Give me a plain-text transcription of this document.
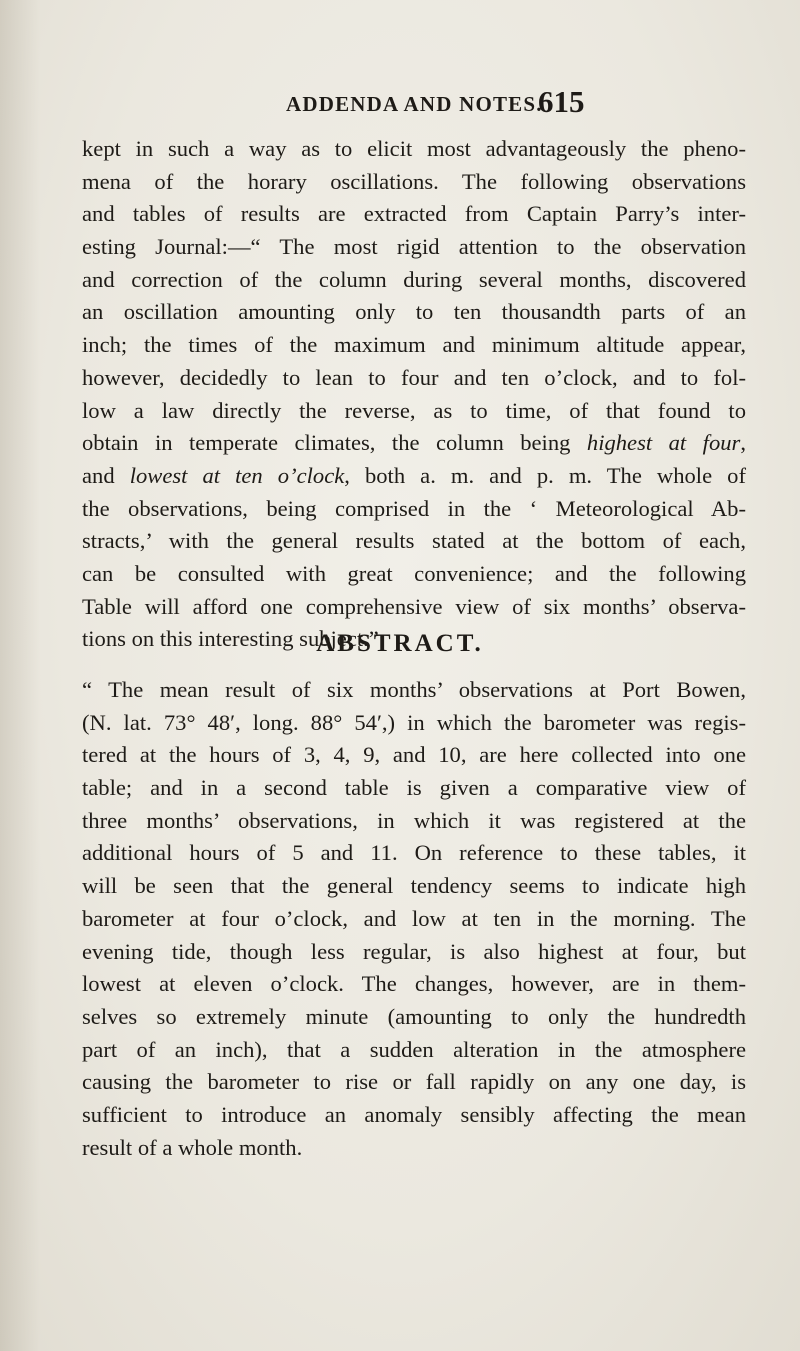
ADDENDA AND NOTES.
615
kept in such a way as to elicit most advantageously the pheno-
mena of the horary oscillations. The following observations
and tables of results are extracted from Captain Parry’s inter-
esting Journal:—“ The most rigid attention to the observation
and correction of the column during several months, discovered
an oscillation amounting only to ten thousandth parts of an
inch; the times of the maximum and minimum altitude appear,
however, decidedly to lean to four and ten o’clock, and to fol-
low a law directly the reverse, as to time, of that found to
obtain in temperate climates, the column being highest at four,
and lowest at ten o’clock, both a. m. and p. m. The whole of
the observations, being comprised in the ‘ Meteorological Ab-
stracts,’ with the general results stated at the bottom of each,
can be consulted with great convenience; and the following
Table will afford one comprehensive view of six months’ observa-
tions on this interesting subject.”
ABSTRACT.
“ The mean result of six months’ observations at Port Bowen,
(N. lat. 73° 48′, long. 88° 54′,) in which the barometer was regis-
tered at the hours of 3, 4, 9, and 10, are here collected into one
table; and in a second table is given a comparative view of
three months’ observations, in which it was registered at the
additional hours of 5 and 11. On reference to these tables, it
will be seen that the general tendency seems to indicate high
barometer at four o’clock, and low at ten in the morning. The
evening tide, though less regular, is also highest at four, but
lowest at eleven o’clock. The changes, however, are in them-
selves so extremely minute (amounting to only the hundredth
part of an inch), that a sudden alteration in the atmosphere
causing the barometer to rise or fall rapidly on any one day, is
sufficient to introduce an anomaly sensibly affecting the mean
result of a whole month.
